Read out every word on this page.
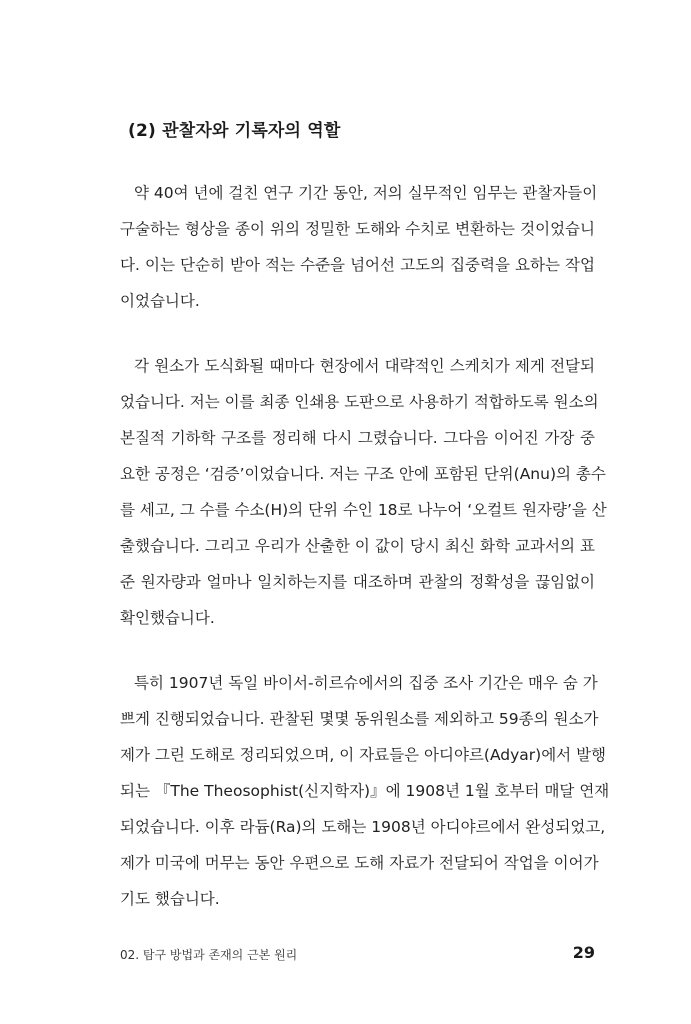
(2) 관찰자와 기록자의 역할
약 40여 년에 걸친 연구 기간 동안, 저의 실무적인 임무는 관찰자들이
구술하는 형상을 종이 위의 정밀한 도해와 수치로 변환하는 것이었습니
다. 이는 단순히 받아 적는 수준을 넘어선 고도의 집중력을 요하는 작업
이었습니다.
각 원소가 도식화될 때마다 현장에서 대략적인 스케치가 제게 전달되
었습니다. 저는 이를 최종 인쇄용 도판으로 사용하기 적합하도록 원소의
본질적 기하학 구조를 정리해 다시 그렸습니다. 그다음 이어진 가장 중
요한 공정은 ‘검증’이었습니다. 저는 구조 안에 포함된 단위(Anu)의 총수
를 세고, 그 수를 수소(H)의 단위 수인 18로 나누어 ‘오컬트 원자량’을 산
출했습니다. 그리고 우리가 산출한 이 값이 당시 최신 화학 교과서의 표
준 원자량과 얼마나 일치하는지를 대조하며 관찰의 정확성을 끊임없이
확인했습니다.
특히 1907년 독일 바이서-히르슈에서의 집중 조사 기간은 매우 숨 가
쁘게 진행되었습니다. 관찰된 몇몇 동위원소를 제외하고 59종의 원소가
제가 그린 도해로 정리되었으며, 이 자료들은 아디야르(Adyar)에서 발행
되는 『The Theosophist(신지학자)』에 1908년 1월 호부터 매달 연재
되었습니다. 이후 라듐(Ra)의 도해는 1908년 아디야르에서 완성되었고,
제가 미국에 머무는 동안 우편으로 도해 자료가 전달되어 작업을 이어가
기도 했습니다.
02. 탐구 방법과 존재의 근본 원리	29
